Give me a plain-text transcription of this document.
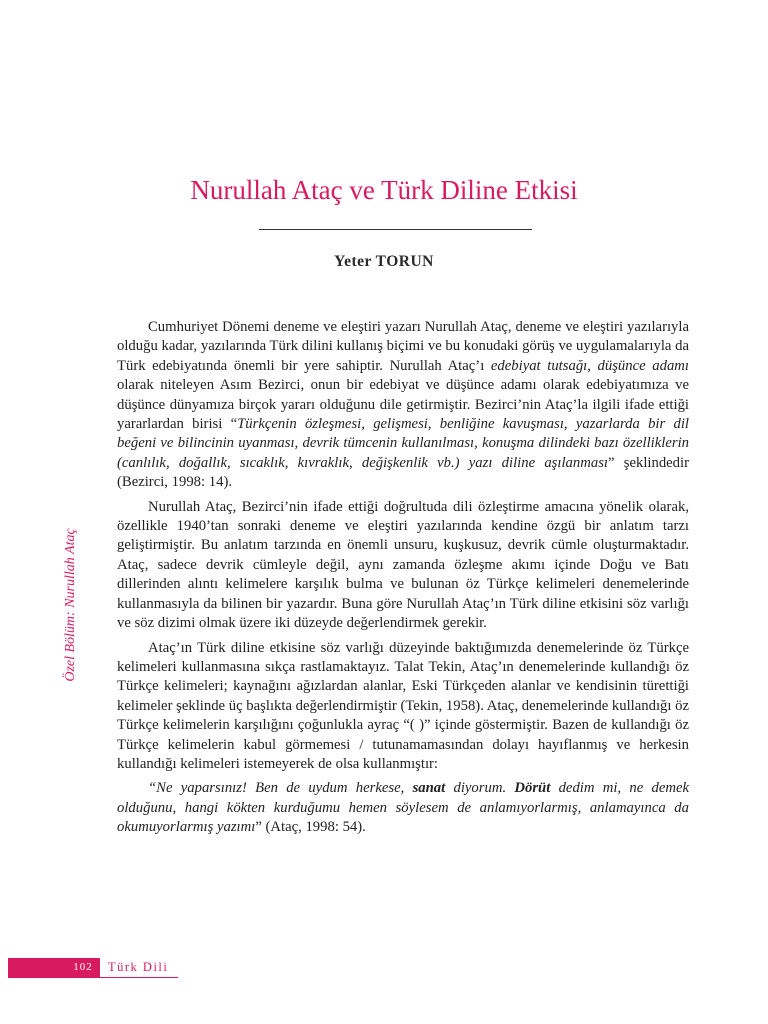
Nurullah Ataç ve Türk Diline Etkisi
Yeter TORUN
Özel Bölüm: Nurullah Ataç

Cumhuriyet Dönemi deneme ve eleştiri yazarı Nurullah Ataç, deneme ve eleştiri yazılarıyla olduğu kadar, yazılarında Türk dilini kullanış biçimi ve bu konudaki görüş ve uygulamalarıyla da Türk edebiyatında önemli bir yere sahiptir. Nurullah Ataç’ı edebiyat tutsağı, düşünce adamı olarak niteleyen Asım Bezirci, onun bir edebiyat ve düşünce adamı olarak edebiyatımıza ve düşünce dünyamıza birçok yararı olduğunu dile getirmiştir. Bezirci’nin Ataç’la ilgili ifade ettiği yararlardan birisi “Türkçenin özleşmesi, gelişmesi, benliğine kavuşması, yazarlarda bir dil beğeni ve bilincinin uyanması, devrik tümcenin kullanılması, konuşma dilindeki bazı özelliklerin (canlılık, doğallık, sıcaklık, kıvraklık, değişkenlik vb.) yazı diline aşılanması” şeklindedir (Bezirci, 1998: 14).

Nurullah Ataç, Bezirci’nin ifade ettiği doğrultuda dili özleştirme amacına yönelik olarak, özellikle 1940’tan sonraki deneme ve eleştiri yazılarında kendine özgü bir anlatım tarzı geliştirmiştir. Bu anlatım tarzında en önemli unsuru, kuşkusuz, devrik cümle oluşturmaktadır. Ataç, sadece devrik cümleyle değil, aynı zamanda özleşme akımı içinde Doğu ve Batı dillerinden alıntı kelimelere karşılık bulma ve bulunan öz Türkçe kelimeleri denemelerinde kullanmasıyla da bilinen bir yazardır. Buna göre Nurullah Ataç’ın Türk diline etkisini söz varlığı ve söz dizimi olmak üzere iki düzeyde değerlendirmek gerekir.

Ataç’ın Türk diline etkisine söz varlığı düzeyinde baktığımızda denemelerinde öz Türkçe kelimeleri kullanmasına sıkça rastlamaktayız. Talat Tekin, Ataç’ın denemelerinde kullandığı öz Türkçe kelimeleri; kaynağını ağızlardan alanlar, Eski Türkçeden alanlar ve kendisinin türettiği kelimeler şeklinde üç başlıkta değerlendirmiştir (Tekin, 1958). Ataç, denemelerinde kullandığı öz Türkçe kelimelerin karşılığını çoğunlukla ayraç “( )” içinde göstermiştir. Bazen de kullandığı öz Türkçe kelimelerin kabul görmemesi / tutunamamasından dolayı hayıflanmış ve herkesin kullandığı kelimeleri istemeyerek de olsa kullanmıştır:

“Ne yaparsınız! Ben de uydum herkese, sanat diyorum. Dörüt dedim mi, ne demek olduğunu, hangi kökten kurduğumu hemen söylesem de anlamıyorlarmış, anlamayınca da okumuyorlarmış yazımı” (Ataç, 1998: 54).

102	Türk Dili
